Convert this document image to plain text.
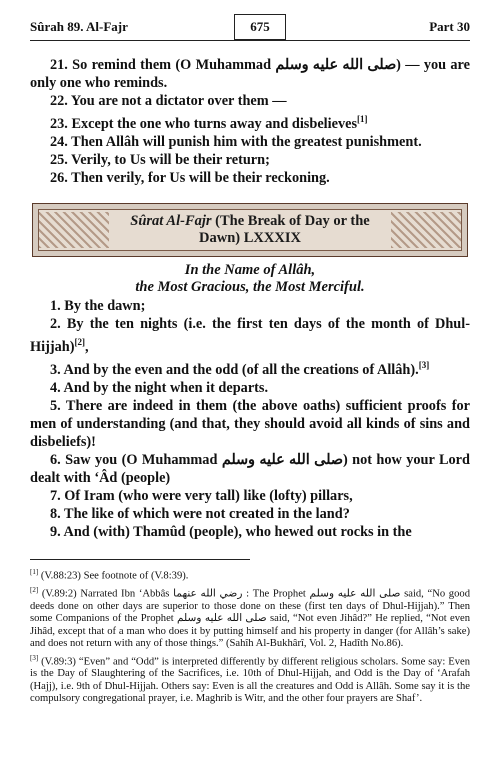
Sûrah 89. Al-Fajr	675	Part 30

21. So remind them (O Muhammad صلى الله عليه وسلم) — you are only one who reminds.

22. You are not a dictator over them —

23. Except the one who turns away and disbelieves[1]

24. Then Allâh will punish him with the greatest punishment.

25. Verily, to Us will be their return;

26. Then verily, for Us will be their reckoning.

Sûrat Al-Fajr (The Break of Day or the Dawn) LXXXIX
In the Name of Allâh,
the Most Gracious, the Most Merciful.

1. By the dawn;

2. By the ten nights (i.e. the first ten days of the month of Dhul-Hijjah)[2],

3. And by the even and the odd (of all the creations of Allâh).[3]

4. And by the night when it departs.

5. There are indeed in them (the above oaths) sufficient proofs for men of understanding (and that, they should avoid all kinds of sins and disbeliefs)!

6. Saw you (O Muhammad صلى الله عليه وسلم) not how your Lord dealt with ‘Âd (people)

7. Of Iram (who were very tall) like (lofty) pillars,

8. The like of which were not created in the land?

9. And (with) Thamûd (people), who hewed out rocks in the

[1] (V.88:23) See footnote of (V.8:39).

[2] (V.89:2) Narrated Ibn ‘Abbâs رضي الله عنهما : The Prophet صلى الله عليه وسلم said, “No good deeds done on other days are superior to those done on these (first ten days of Dhul-Hijjah).” Then some Companions of the Prophet صلى الله عليه وسلم said, “Not even Jihâd?” He replied, “Not even Jihâd, except that of a man who does it by putting himself and his property in danger (for Allâh’s sake) and does not return with any of those things.” (Sahîh Al-Bukhârî, Vol. 2, Hadîth No.86).

[3] (V.89:3) “Even” and “Odd” is interpreted differently by different religious scholars. Some say: Even is the Day of Slaughtering of the Sacrifices, i.e. 10th of Dhul-Hijjah, and Odd is the Day of ‘Arafah (Hajj), i.e. 9th of Dhul-Hijjah. Others say: Even is all the creatures and Odd is Allâh. Some say it is the compulsory congregational prayer, i.e. Maghrib is Witr, and the other four prayers are Shaf’.
